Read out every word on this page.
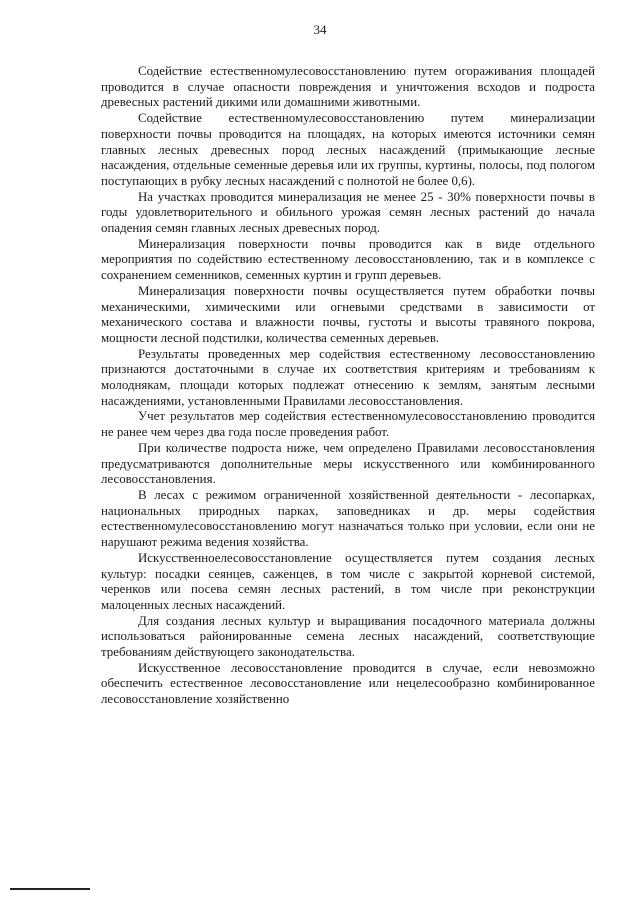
34

Содействие естественномулесовосстановлению путем огораживания площадей проводится в случае опасности повреждения и уничтожения всходов и подроста древесных растений дикими или домашними животными.

Содействие естественномулесовосстановлению путем минерализации поверхности почвы проводится на площадях, на которых имеются источники семян главных лесных древесных пород лесных насаждений (примыкающие лесные насаждения, отдельные семенные деревья или их группы, куртины, полосы, под пологом поступающих в рубку лесных насаждений с полнотой не более 0,6).

На участках проводится минерализация не менее 25 - 30% поверхности почвы в годы удовлетворительного и обильного урожая семян лесных растений до начала опадения семян главных лесных древесных пород.

Минерализация поверхности почвы проводится как в виде отдельного мероприятия по содействию естественному лесовосстановлению, так и в комплексе с сохранением семенников, семенных куртин и групп деревьев.

Минерализация поверхности почвы осуществляется путем обработки почвы механическими, химическими или огневыми средствами в зависимости от механического состава и влажности почвы, густоты и высоты травяного покрова, мощности лесной подстилки, количества семенных деревьев.

Результаты проведенных мер содействия естественному лесовосстановлению признаются достаточными в случае их соответствия критериям и требованиям к молоднякам, площади которых подлежат отнесению к землям, занятым лесными насаждениями, установленными Правилами лесовосстановления.

Учет результатов мер содействия естественномулесовосстановлению проводится не ранее чем через два года после проведения работ.

При количестве подроста ниже, чем определено Правилами лесовосстановления предусматриваются дополнительные меры искусственного или комбинированного лесовосстановления.

В лесах с режимом ограниченной хозяйственной деятельности - лесопарках, национальных природных парках, заповедниках и др. меры содействия естественномулесовосстановлению могут назначаться только при условии, если они не нарушают режима ведения хозяйства.

Искусственноелесовосстановление осуществляется путем создания лесных культур: посадки сеянцев, саженцев, в том числе с закрытой корневой системой, черенков или посева семян лесных растений, в том числе при реконструкции малоценных лесных насаждений.

Для создания лесных культур и выращивания посадочного материала должны использоваться районированные семена лесных насаждений, соответствующие требованиям действующего законодательства.

Искусственное лесовосстановление проводится в случае, если невозможно обеспечить естественное лесовосстановление или нецелесообразно комбинированное лесовосстановление хозяйственно
